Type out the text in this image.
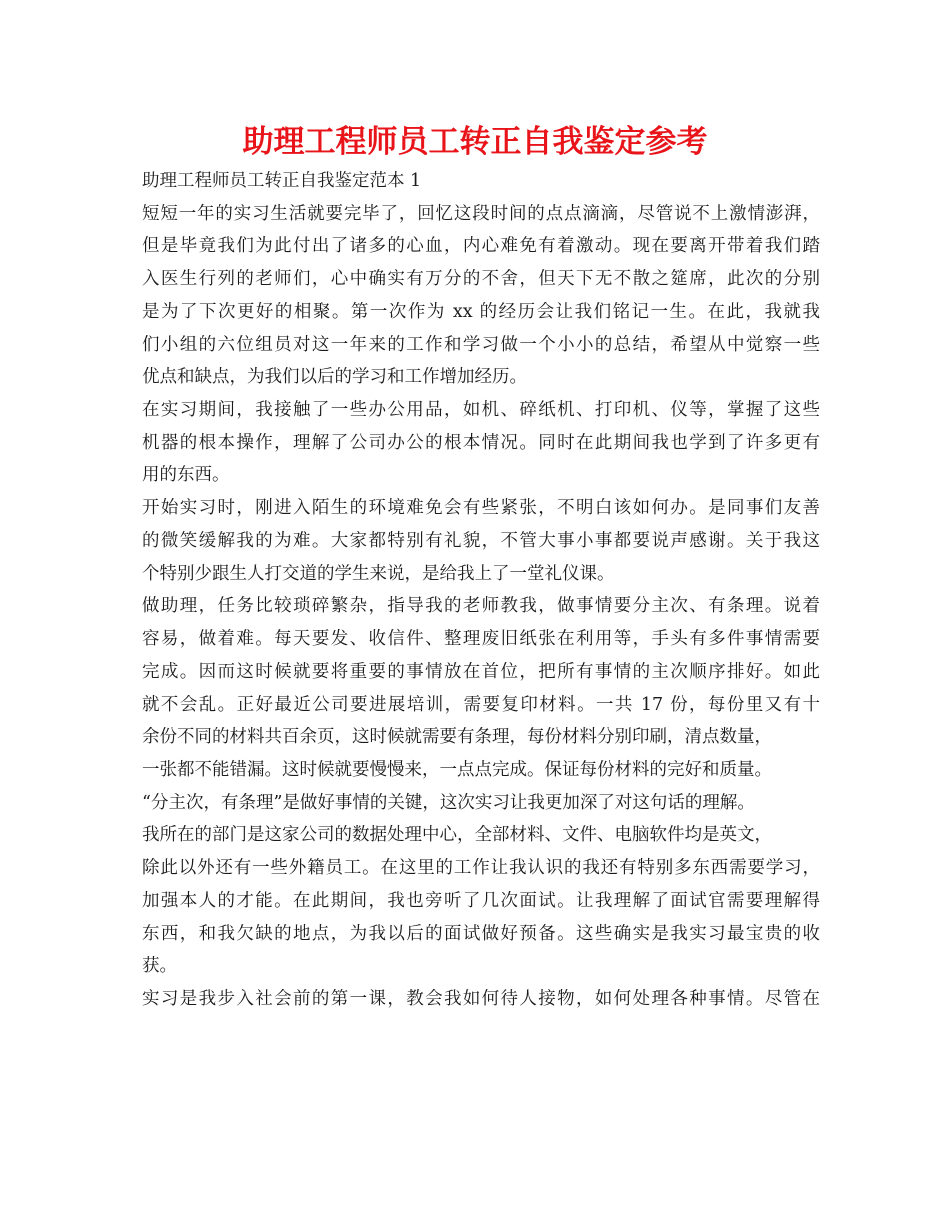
助理工程师员工转正自我鉴定参考
助理工程师员工转正自我鉴定范本 1
短短一年的实习生活就要完毕了，回忆这段时间的点点滴滴，尽管说不上激情澎湃，
但是毕竟我们为此付出了诸多的心血，内心难免有着激动。现在要离开带着我们踏
入医生行列的老师们，心中确实有万分的不舍，但天下无不散之筵席，此次的分别
是为了下次更好的相聚。第一次作为 xx 的经历会让我们铭记一生。在此，我就我
们小组的六位组员对这一年来的工作和学习做一个小小的总结，希望从中觉察一些
优点和缺点，为我们以后的学习和工作增加经历。
在实习期间，我接触了一些办公用品，如机、碎纸机、打印机、仪等，掌握了这些
机器的根本操作，理解了公司办公的根本情况。同时在此期间我也学到了许多更有
用的东西。
开始实习时，刚进入陌生的环境难免会有些紧张，不明白该如何办。是同事们友善
的微笑缓解我的为难。大家都特别有礼貌，不管大事小事都要说声感谢。关于我这
个特别少跟生人打交道的学生来说，是给我上了一堂礼仪课。
做助理，任务比较琐碎繁杂，指导我的老师教我，做事情要分主次、有条理。说着
容易，做着难。每天要发、收信件、整理废旧纸张在利用等，手头有多件事情需要
完成。因而这时候就要将重要的事情放在首位，把所有事情的主次顺序排好。如此
就不会乱。正好最近公司要进展培训，需要复印材料。一共 17 份，每份里又有十
余份不同的材料共百余页，这时候就需要有条理，每份材料分别印刷，清点数量，
一张都不能错漏。这时候就要慢慢来，一点点完成。保证每份材料的完好和质量。
“分主次，有条理”是做好事情的关键，这次实习让我更加深了对这句话的理解。
我所在的部门是这家公司的数据处理中心，全部材料、文件、电脑软件均是英文，
除此以外还有一些外籍员工。在这里的工作让我认识的我还有特别多东西需要学习，
加强本人的才能。在此期间，我也旁听了几次面试。让我理解了面试官需要理解得
东西，和我欠缺的地点，为我以后的面试做好预备。这些确实是我实习最宝贵的收
获。
实习是我步入社会前的第一课，教会我如何待人接物，如何处理各种事情。尽管在
